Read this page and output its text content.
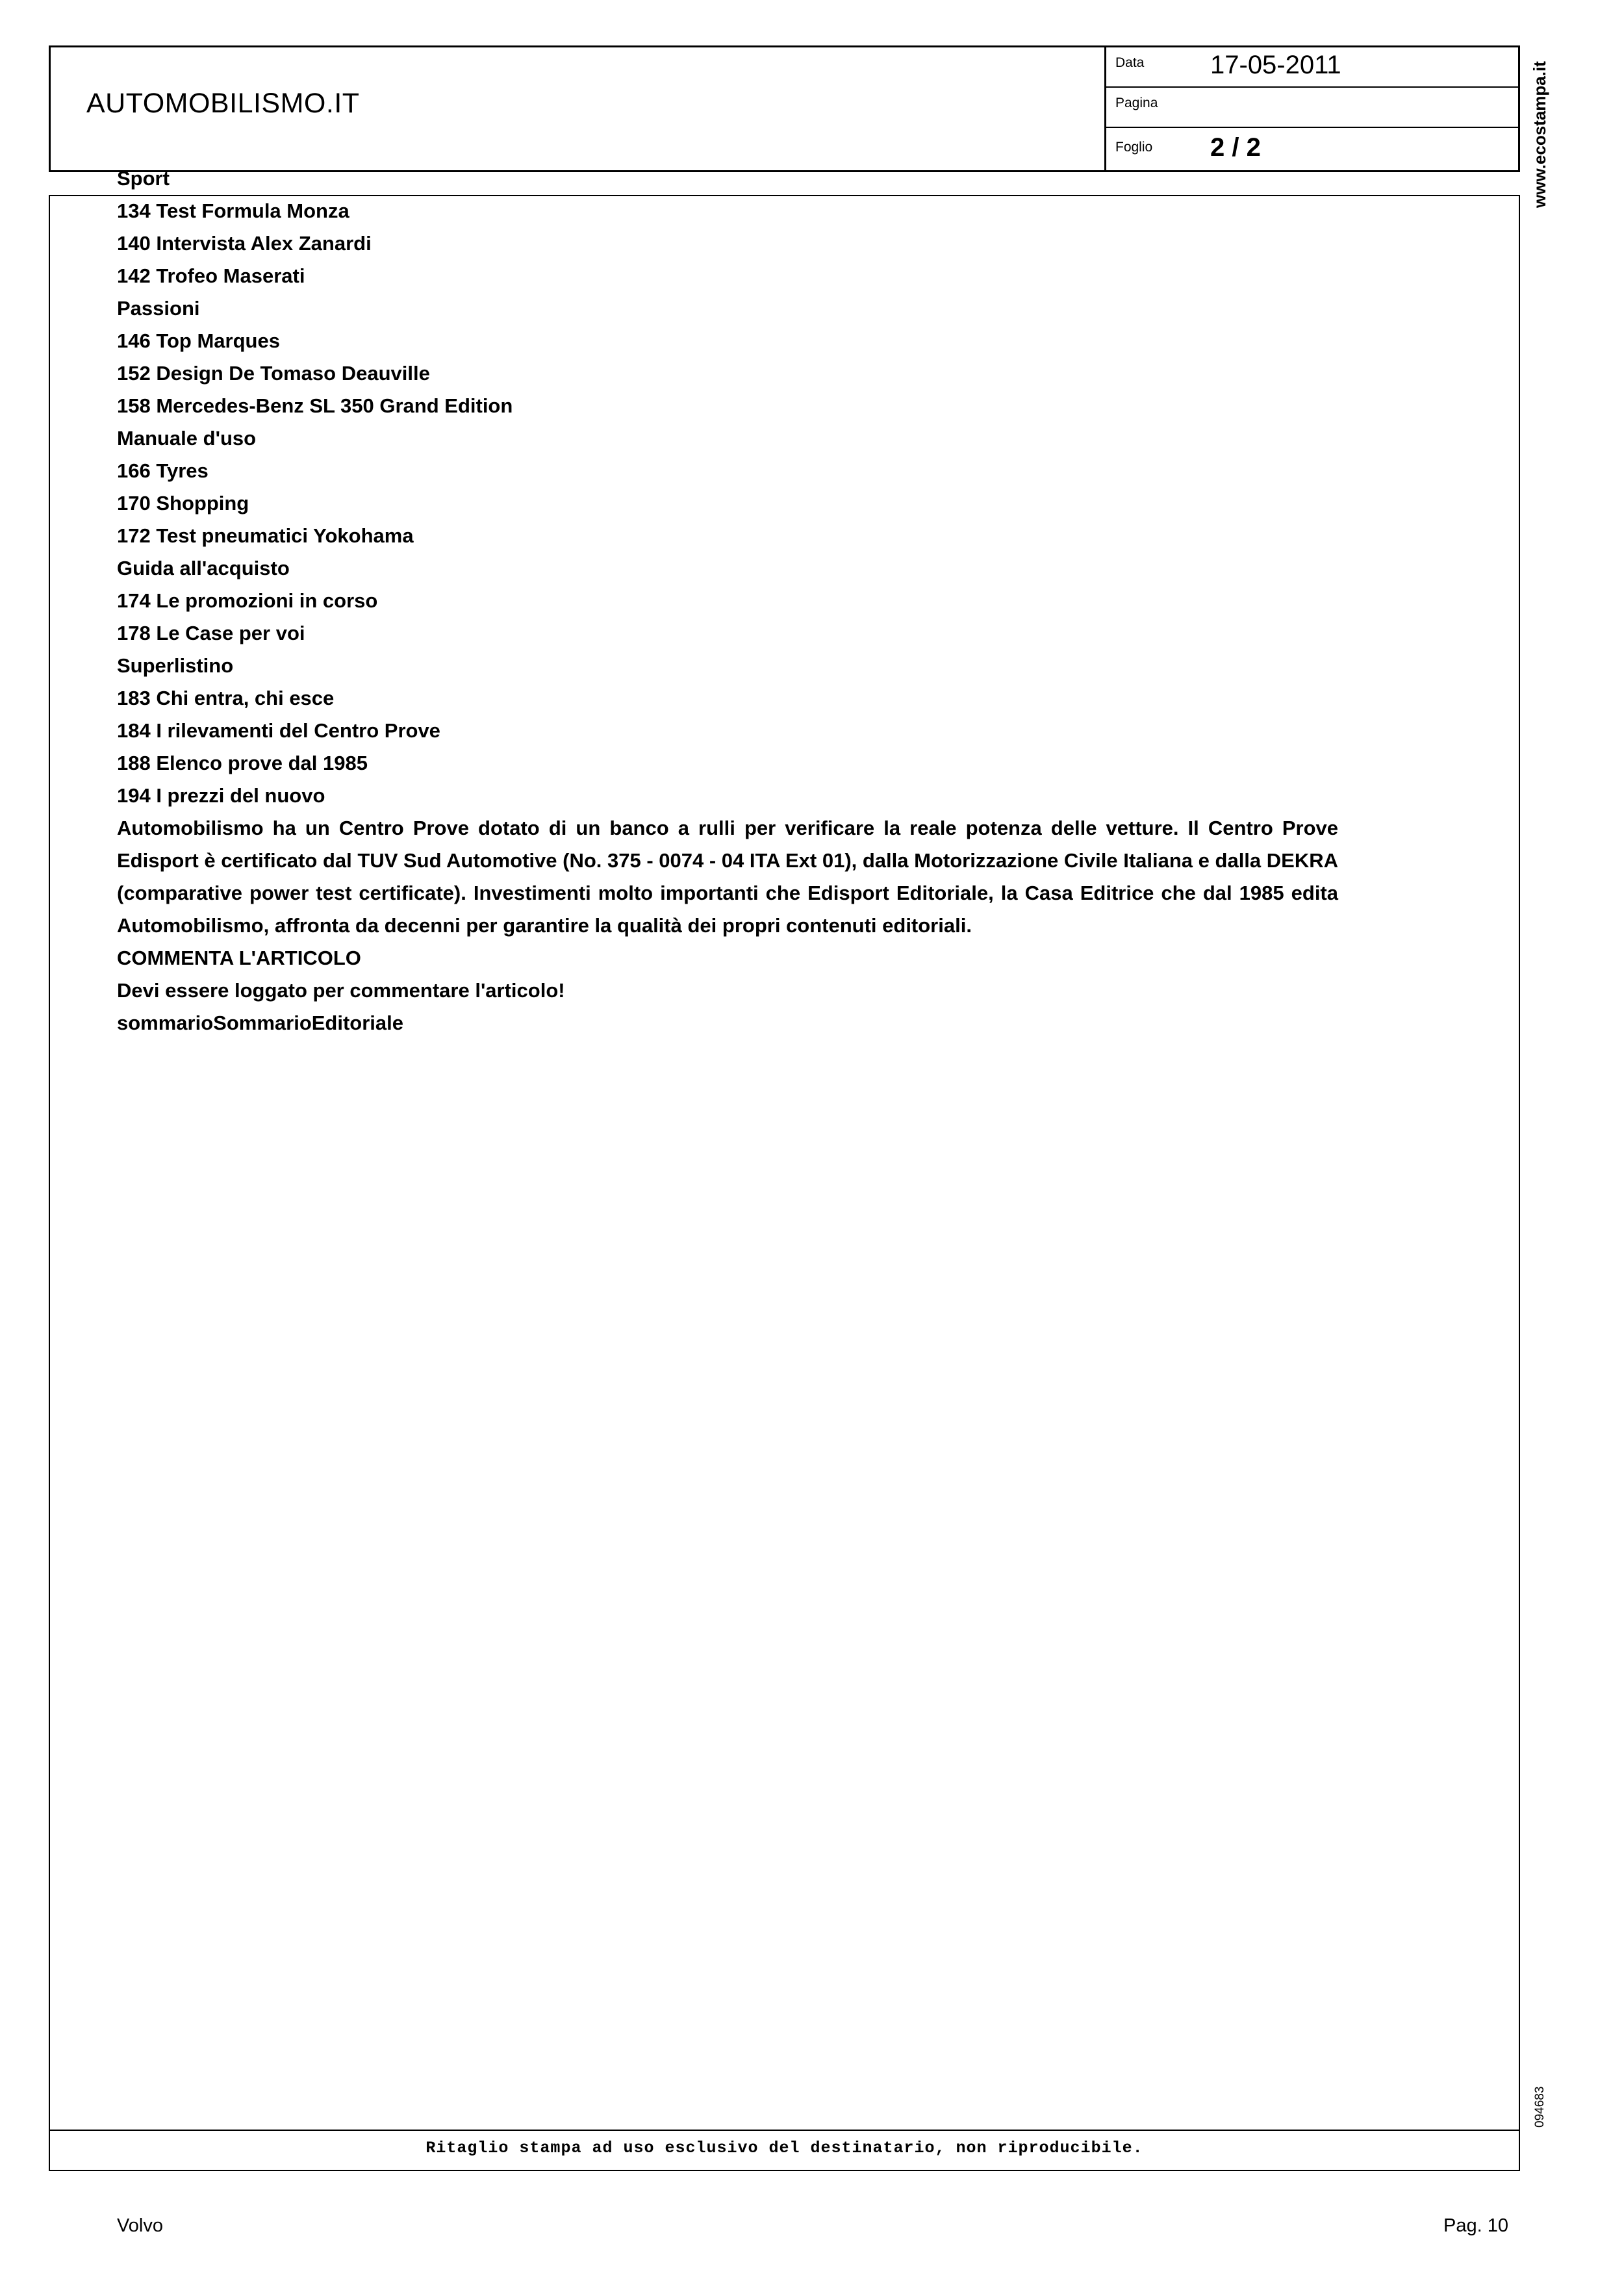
AUTOMOBILISMO.IT
Data	17-05-2011
Pagina
Foglio 2 / 2
Sport
134 Test Formula Monza
140 Intervista Alex Zanardi
142 Trofeo Maserati
Passioni
146 Top Marques
152 Design De Tomaso Deauville
158 Mercedes-Benz SL 350 Grand Edition
Manuale d'uso
166 Tyres
170 Shopping
172 Test pneumatici Yokohama
Guida all'acquisto
174 Le promozioni in corso
178 Le Case per voi
Superlistino
183 Chi entra, chi esce
184 I rilevamenti del Centro Prove
188 Elenco prove dal 1985
194 I prezzi del nuovo
Automobilismo ha un Centro Prove dotato di un banco a rulli per verificare la reale potenza delle vetture. Il Centro Prove Edisport è certificato dal TUV Sud Automotive (No. 375 - 0074 - 04 ITA Ext 01), dalla Motorizzazione Civile Italiana e dalla DEKRA (comparative power test certificate). Investimenti molto importanti che Edisport Editoriale, la Casa Editrice che dal 1985 edita Automobilismo, affronta da decenni per garantire la qualità dei propri contenuti editoriali.
COMMENTA L'ARTICOLO
Devi essere loggato per commentare l'articolo!
sommarioSommarioEditoriale
www.ecostampa.it
094683
Ritaglio stampa ad uso esclusivo del destinatario, non riproducibile.
Volvo	Pag. 10
